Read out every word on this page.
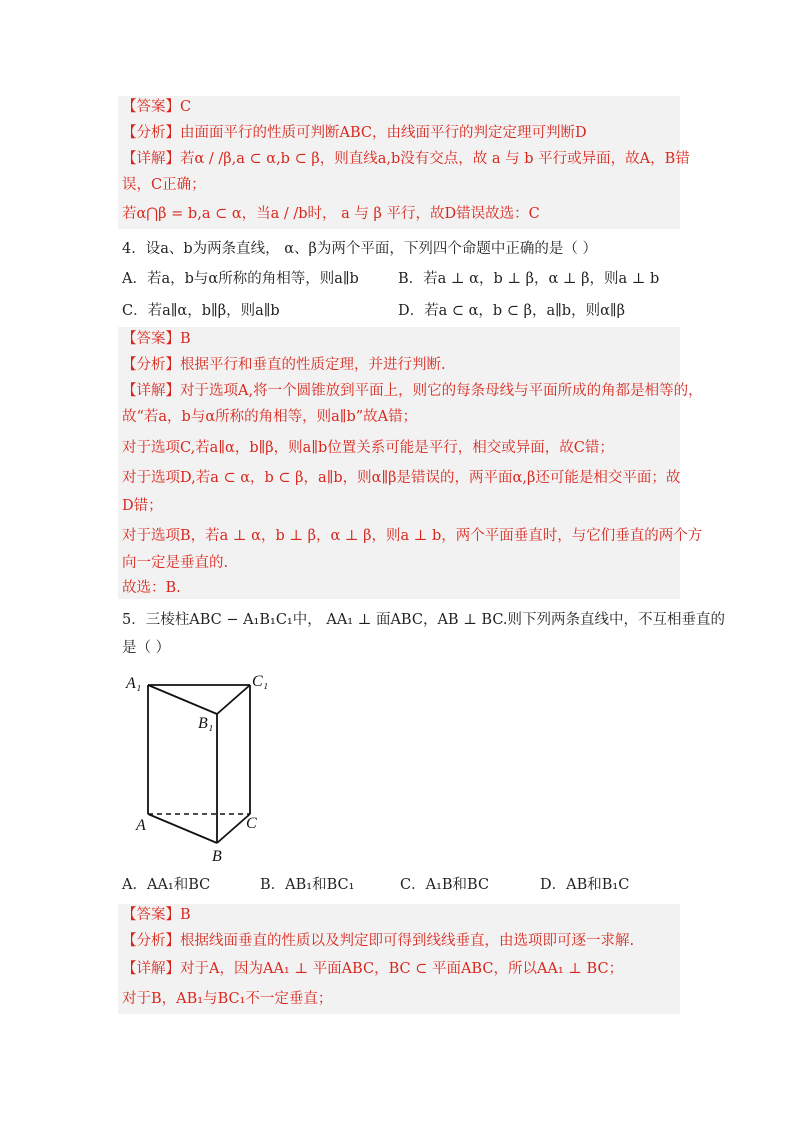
【答案】C
【分析】由面面平行的性质可判断ABC，由线面平行的判定定理可判断D
【详解】若α / /β,a ⊂ α,b ⊂ β，则直线a,b没有交点，故 a 与 b 平行或异面，故A，B错
误，C正确；
若α⋂β = b,a ⊂ α，当a / /b时， a 与 β 平行，故D错误故选：C
4．设a、b为两条直线， α、β为两个平面，下列四个命题中正确的是（ ）
A．若a，b与α所称的角相等，则a∥b	B．若a ⊥ α，b ⊥ β，α ⊥ β，则a ⊥ b
C．若a∥α，b∥β，则a∥b	D．若a ⊂ α，b ⊂ β，a∥b，则α∥β
【答案】B
【分析】根据平行和垂直的性质定理，并进行判断.
【详解】对于选项A,将一个圆锥放到平面上，则它的每条母线与平面所成的角都是相等的，
故“若a，b与α所称的角相等，则a∥b”故A错；
对于选项C,若a∥α，b∥β，则a∥b位置关系可能是平行，相交或异面，故C错；
对于选项D,若a ⊂ α，b ⊂ β，a∥b，则α∥β是错误的，两平面α,β还可能是相交平面；故
D错；
对于选项B，若a ⊥ α，b ⊥ β，α ⊥ β，则a ⊥ b，两个平面垂直时，与它们垂直的两个方
向一定是垂直的.
故选：B.
5．三棱柱ABC − A₁B₁C₁中， AA₁ ⊥ 面ABC，AB ⊥ BC.则下列两条直线中，不互相垂直的
是（ ）
A₁	C₁
B₁
A	C
B
A．AA₁和BC	B．AB₁和BC₁	C．A₁B和BC	D．AB和B₁C
【答案】B
【分析】根据线面垂直的性质以及判定即可得到线线垂直，由选项即可逐一求解.
【详解】对于A，因为AA₁ ⊥ 平面ABC，BC ⊂ 平面ABC，所以AA₁ ⊥ BC；
对于B，AB₁与BC₁不一定垂直；
